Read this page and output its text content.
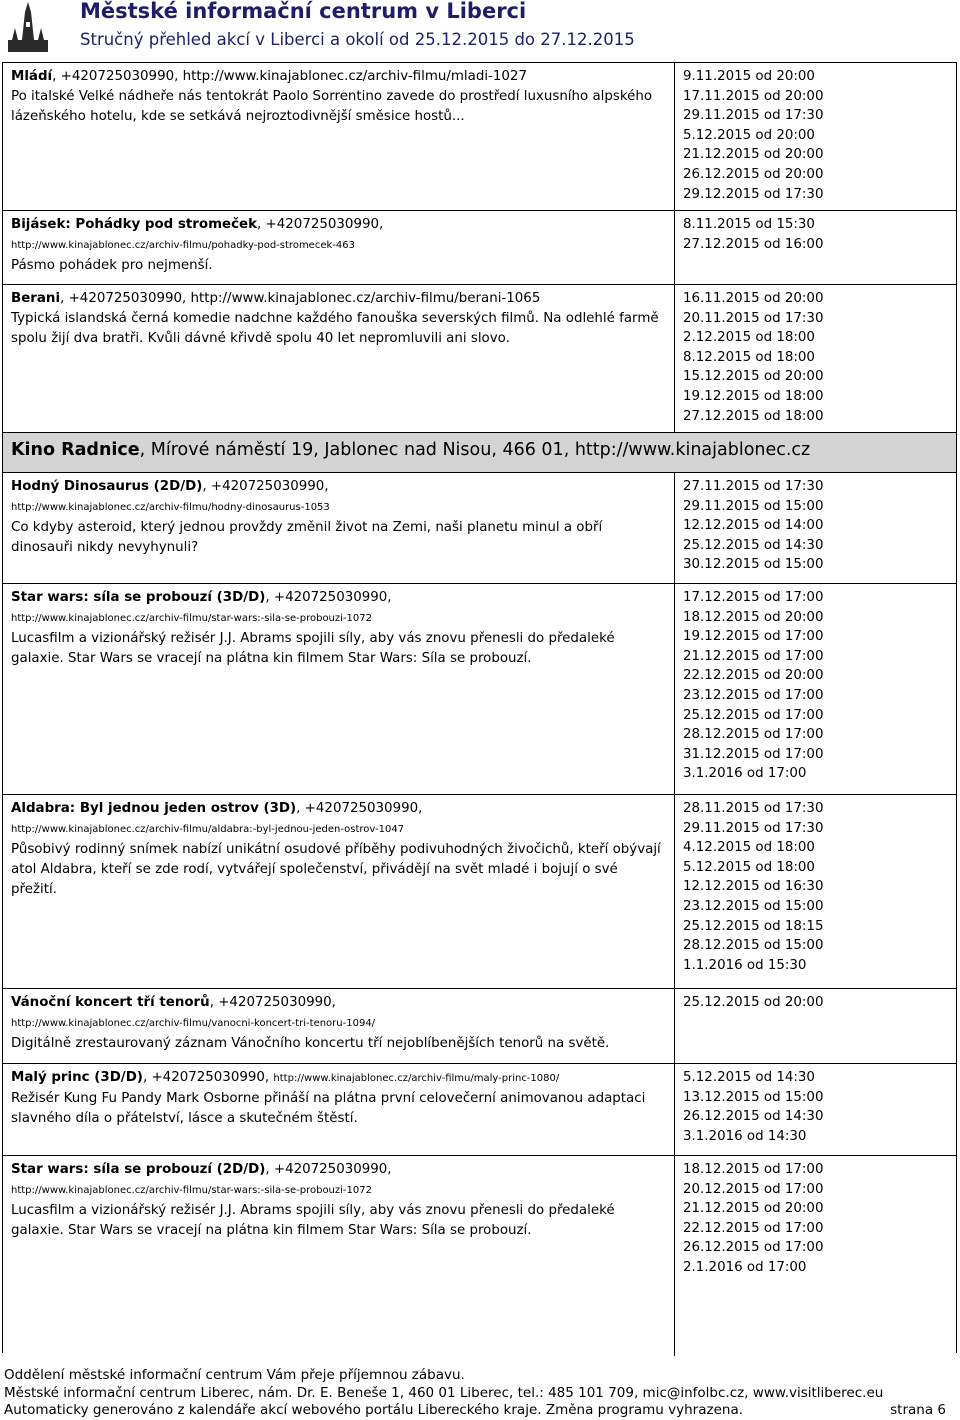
Městské informační centrum v Liberci
Stručný přehled akcí v Liberci a okolí od 25.12.2015 do 27.12.2015
Mládí, +420725030990, http://www.kinajablonec.cz/archiv-filmu/mladi-1027
Po italské Velké nádheře nás tentokrát Paolo Sorrentino zavede do prostředí luxusního alpského lázeňského hotelu, kde se setkává nejroztodivnější směsice hostů...
9.11.2015 od 20:00
17.11.2015 od 20:00
29.11.2015 od 17:30
5.12.2015 od 20:00
21.12.2015 od 20:00
26.12.2015 od 20:00
29.12.2015 od 17:30
Bijásek: Pohádky pod stromeček, +420725030990,
http://www.kinajablonec.cz/archiv-filmu/pohadky-pod-stromecek-463
Pásmo pohádek pro nejmenší.
8.11.2015 od 15:30
27.12.2015 od 16:00
Berani, +420725030990, http://www.kinajablonec.cz/archiv-filmu/berani-1065
Typická islandská černá komedie nadchne každého fanouška severských filmů. Na odlehlé farmě spolu žijí dva bratři. Kvůli dávné křivdě spolu 40 let nepromluvili ani slovo.
16.11.2015 od 20:00
20.11.2015 od 17:30
2.12.2015 od 18:00
8.12.2015 od 18:00
15.12.2015 od 20:00
19.12.2015 od 18:00
27.12.2015 od 18:00
Kino Radnice, Mírové náměstí 19, Jablonec nad Nisou, 466 01, http://www.kinajablonec.cz
Hodný Dinosaurus (2D/D), +420725030990,
http://www.kinajablonec.cz/archiv-filmu/hodny-dinosaurus-1053
Co kdyby asteroid, který jednou provždy změnil život na Zemi, naši planetu minul a obří dinosauři nikdy nevyhynuli?
27.11.2015 od 17:30
29.11.2015 od 15:00
12.12.2015 od 14:00
25.12.2015 od 14:30
30.12.2015 od 15:00
Star wars: síla se probouzí (3D/D), +420725030990,
http://www.kinajablonec.cz/archiv-filmu/star-wars:-sila-se-probouzi-1072
Lucasfilm a vizionářský režisér J.J. Abrams spojili síly, aby vás znovu přenesli do předaleké galaxie. Star Wars se vracejí na plátna kin filmem Star Wars: Síla se probouzí.
17.12.2015 od 17:00
18.12.2015 od 20:00
19.12.2015 od 17:00
21.12.2015 od 17:00
22.12.2015 od 20:00
23.12.2015 od 17:00
25.12.2015 od 17:00
28.12.2015 od 17:00
31.12.2015 od 17:00
3.1.2016 od 17:00
Aldabra: Byl jednou jeden ostrov (3D), +420725030990,
http://www.kinajablonec.cz/archiv-filmu/aldabra:-byl-jednou-jeden-ostrov-1047
Působivý rodinný snímek nabízí unikátní osudové příběhy podivuhodných živočichů, kteří obývají atol Aldabra, kteří se zde rodí, vytvářejí společenství, přivádějí na svět mladé i bojují o své přežití.
28.11.2015 od 17:30
29.11.2015 od 17:30
4.12.2015 od 18:00
5.12.2015 od 18:00
12.12.2015 od 16:30
23.12.2015 od 15:00
25.12.2015 od 18:15
28.12.2015 od 15:00
1.1.2016 od 15:30
Vánoční koncert tří tenorů, +420725030990,
http://www.kinajablonec.cz/archiv-filmu/vanocni-koncert-tri-tenoru-1094/
Digitálně zrestaurovaný záznam Vánočního koncertu tří nejoblíbenějších tenorů na světě.
25.12.2015 od 20:00
Malý princ (3D/D), +420725030990, http://www.kinajablonec.cz/archiv-filmu/maly-princ-1080/
Režisér Kung Fu Pandy Mark Osborne přináší na plátna první celovečerní animovanou adaptaci slavného díla o přátelství, lásce a skutečném štěstí.
5.12.2015 od 14:30
13.12.2015 od 15:00
26.12.2015 od 14:30
3.1.2016 od 14:30
Star wars: síla se probouzí (2D/D), +420725030990,
http://www.kinajablonec.cz/archiv-filmu/star-wars:-sila-se-probouzi-1072
Lucasfilm a vizionářský režisér J.J. Abrams spojili síly, aby vás znovu přenesli do předaleké galaxie. Star Wars se vracejí na plátna kin filmem Star Wars: Síla se probouzí.
18.12.2015 od 17:00
20.12.2015 od 17:00
21.12.2015 od 20:00
22.12.2015 od 17:00
26.12.2015 od 17:00
2.1.2016 od 17:00
Oddělení městské informační centrum Vám přeje příjemnou zábavu.
Městské informační centrum Liberec, nám. Dr. E. Beneše 1, 460 01 Liberec, tel.: 485 101 709, mic@infolbc.cz, www.visitliberec.eu
Automaticky generováno z kalendáře akcí webového portálu Libereckého kraje. Změna programu vyhrazena.	strana 6
